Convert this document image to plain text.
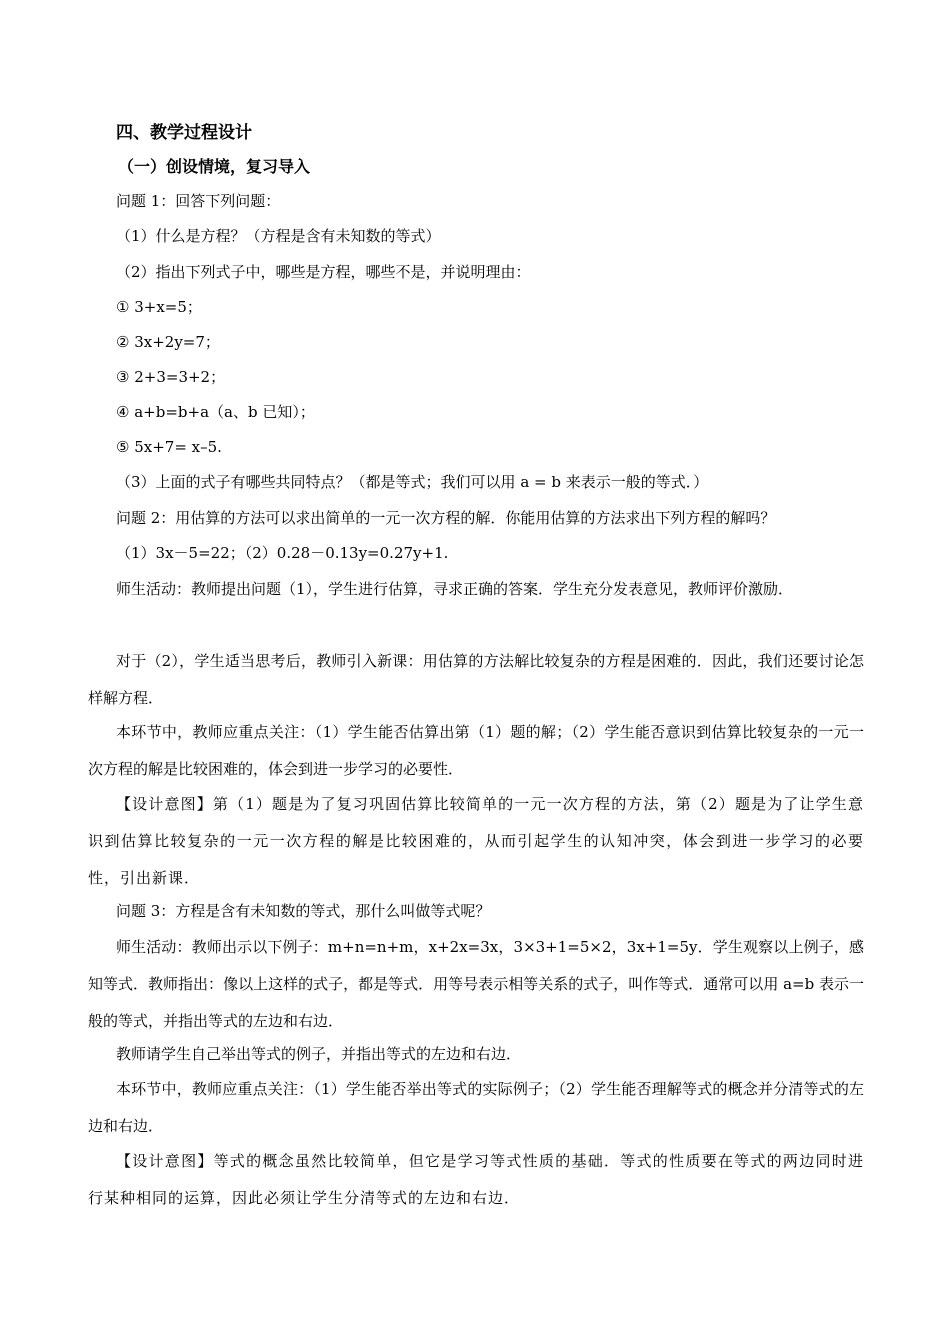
四、教学过程设计
（一）创设情境，复习导入
问题 1：回答下列问题：
（1）什么是方程？（方程是含有未知数的等式）
（2）指出下列式子中，哪些是方程，哪些不是，并说明理由：
① 3+x=5；
② 3x+2y=7；
③ 2+3=3+2；
④ a+b=b+a（a、b 已知）；
⑤ 5x+7= x–5.
（3）上面的式子有哪些共同特点？（都是等式；我们可以用 a = b 来表示一般的等式．）
问题 2：用估算的方法可以求出简单的一元一次方程的解．你能用估算的方法求出下列方程的解吗？
（1）3x－5=22；（2）0.28－0.13y=0.27y+1.
师生活动：教师提出问题（1），学生进行估算，寻求正确的答案．学生充分发表意见，教师评价激励．
对于（2），学生适当思考后，教师引入新课：用估算的方法解比较复杂的方程是困难的．因此，我们还要讨论怎样解方程．
本环节中，教师应重点关注：（1）学生能否估算出第（1）题的解；（2）学生能否意识到估算比较复杂的一元一次方程的解是比较困难的，体会到进一步学习的必要性．
【设计意图】第（1）题是为了复习巩固估算比较简单的一元一次方程的方法，第（2）题是为了让学生意识到估算比较复杂的一元一次方程的解是比较困难的，从而引起学生的认知冲突，体会到进一步学习的必要性，引出新课．
问题 3：方程是含有未知数的等式，那什么叫做等式呢？
师生活动：教师出示以下例子：m+n=n+m，x+2x=3x，3×3+1=5×2，3x+1=5y．学生观察以上例子，感知等式．教师指出：像以上这样的式子，都是等式．用等号表示相等关系的式子，叫作等式．通常可以用 a=b 表示一般的等式，并指出等式的左边和右边．
教师请学生自己举出等式的例子，并指出等式的左边和右边．
本环节中，教师应重点关注：（1）学生能否举出等式的实际例子；（2）学生能否理解等式的概念并分清等式的左边和右边．
【设计意图】等式的概念虽然比较简单，但它是学习等式性质的基础．等式的性质要在等式的两边同时进行某种相同的运算，因此必须让学生分清等式的左边和右边．
